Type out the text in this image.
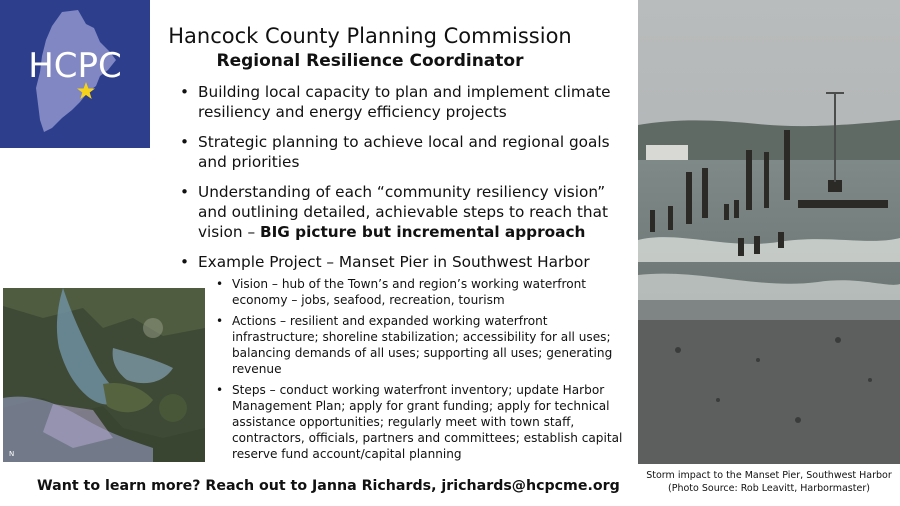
HCPC
Hancock County Planning Commission
Regional Resilience Coordinator
• Building local capacity to plan and implement climate resiliency and energy efficiency projects
• Strategic planning to achieve local and regional goals and priorities
• Understanding of each “community resiliency vision” and outlining detailed, achievable steps to reach that vision – BIG picture but incremental approach
• Example Project – Manset Pier in Southwest Harbor
• Vision – hub of the Town’s and region’s working waterfront economy – jobs, seafood, recreation, tourism
• Actions – resilient and expanded working waterfront infrastructure; shoreline stabilization; accessibility for all uses; balancing demands of all uses; supporting all uses; generating revenue
• Steps – conduct working waterfront inventory; update Harbor Management Plan; apply for grant funding; apply for technical assistance opportunities; regularly meet with town staff, contractors, officials, partners and committees; establish capital reserve fund account/capital planning
N
Storm impact to the Manset Pier, Southwest Harbor
(Photo Source: Rob Leavitt, Harbormaster)
Want to learn more? Reach out to Janna Richards, jrichards@hcpcme.org
